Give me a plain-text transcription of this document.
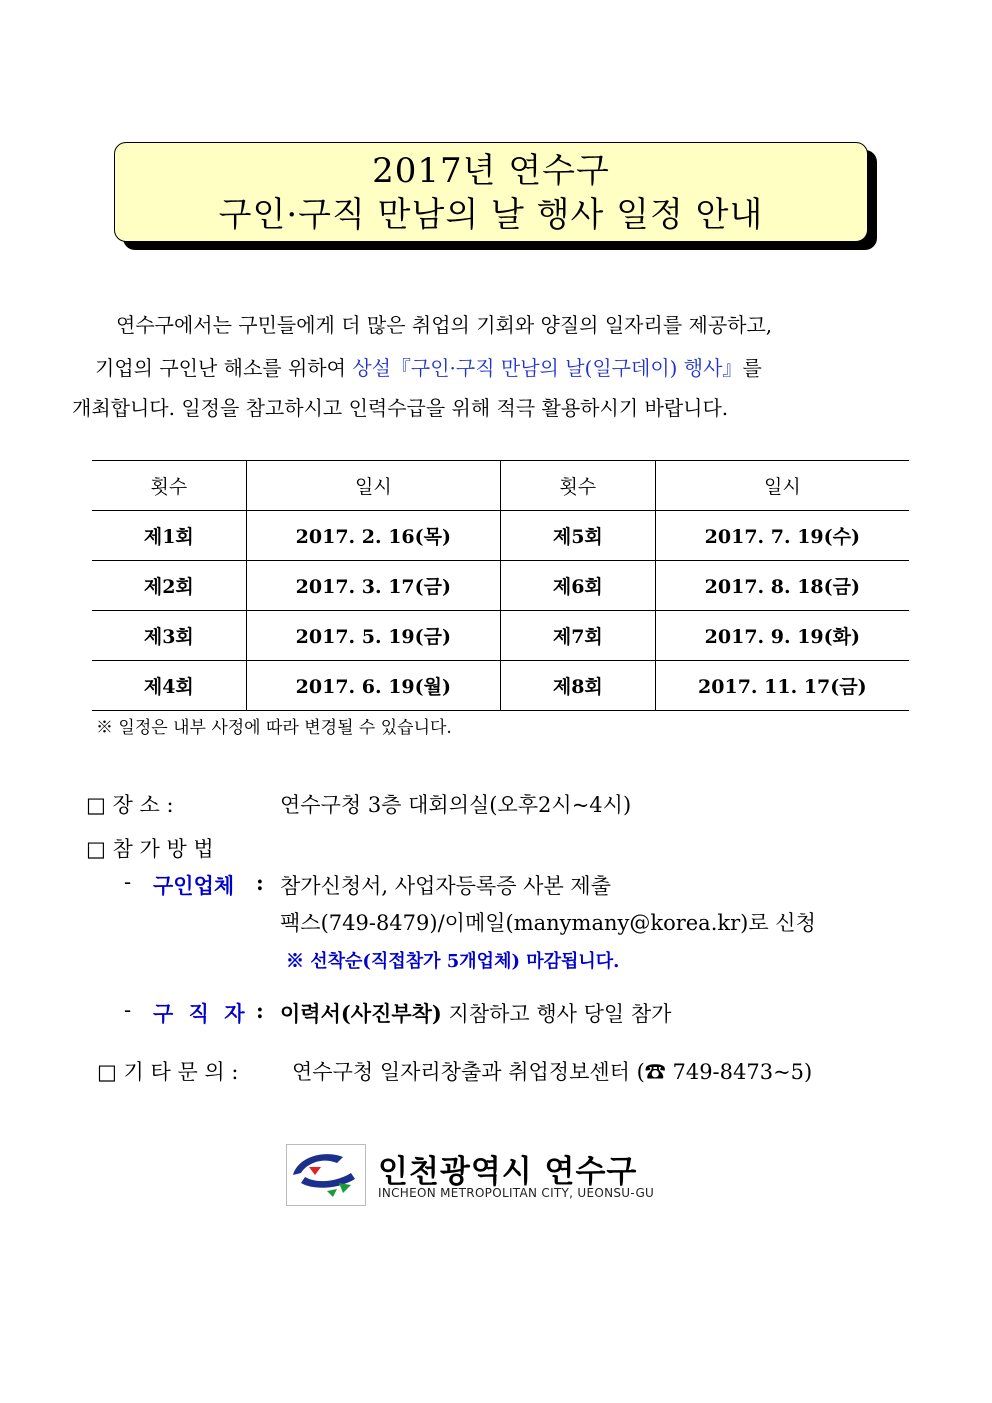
2017년 연수구
구인·구직 만남의 날 행사 일정 안내
연수구에서는 구민들에게 더 많은 취업의 기회와 양질의 일자리를 제공하고,
기업의 구인난 해소를 위하여 상설『구인·구직 만남의 날(일구데이) 행사』를
개최합니다. 일정을 참고하시고 인력수급을 위해 적극 활용하시기 바랍니다.
횟수	일시	횟수	일시
제1회	2017. 2. 16(목)	제5회	2017. 7. 19(수)
제2회	2017. 3. 17(금)	제6회	2017. 8. 18(금)
제3회	2017. 5. 19(금)	제7회	2017. 9. 19(화)
제4회	2017. 6. 19(월)	제8회	2017. 11. 17(금)
※ 일정은 내부 사정에 따라 변경될 수 있습니다.
□ 장 소 :	연수구청 3층 대회의실(오후2시~4시)
□ 참 가 방 법
- 구인업체 : 참가신청서, 사업자등록증 사본 제출
팩스(749-8479)/이메일(manymany@korea.kr)로 신청
※ 선착순(직접참가 5개업체) 마감됩니다.
- 구 직 자 : 이력서(사진부착) 지참하고 행사 당일 참가
□ 기 타 문 의 :	연수구청 일자리창출과 취업정보센터 (☎ 749-8473~5)
인천광역시 연수구
INCHEON METROPOLITAN CITY, UEONSU-GU
